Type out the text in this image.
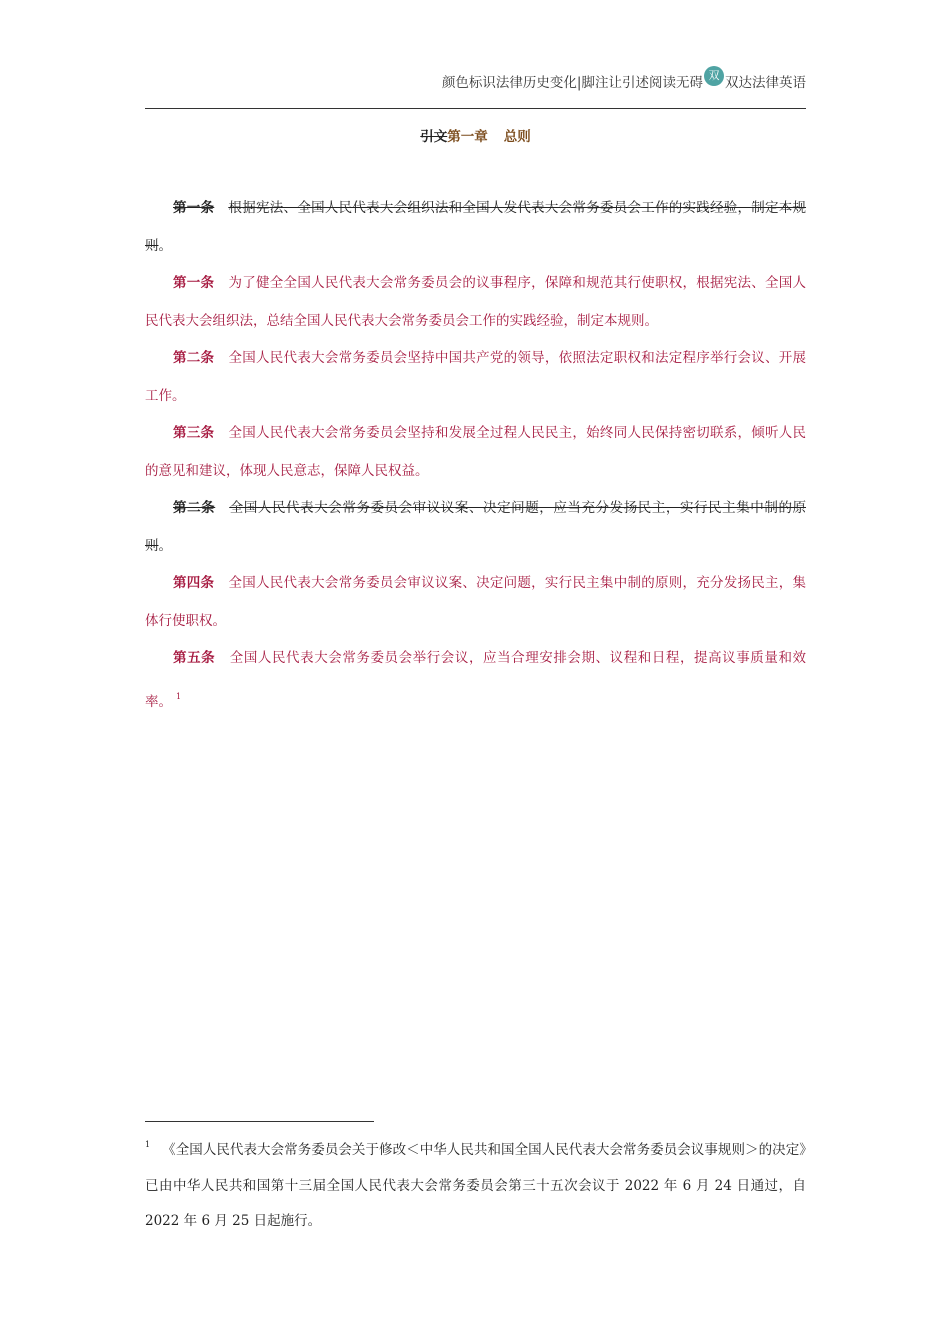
颜色标识法律历史变化|脚注让引述阅读无碍 双 双达法律英语
引文第一章 总则

第一条 根据宪法、全国人民代表大会组织法和全国人发代表大会常务委员会工作的实践经验，制定本规则。

第一条 为了健全全国人民代表大会常务委员会的议事程序，保障和规范其行使职权，根据宪法、全国人民代表大会组织法，总结全国人民代表大会常务委员会工作的实践经验，制定本规则。

第二条 全国人民代表大会常务委员会坚持中国共产党的领导，依照法定职权和法定程序举行会议、开展工作。

第三条 全国人民代表大会常务委员会坚持和发展全过程人民民主，始终同人民保持密切联系，倾听人民的意见和建议，体现人民意志，保障人民权益。

第二条 全国人民代表大会常务委员会审议议案、决定问题，应当充分发扬民主，实行民主集中制的原则。

第四条 全国人民代表大会常务委员会审议议案、决定问题，实行民主集中制的原则，充分发扬民主，集体行使职权。

第五条 全国人民代表大会常务委员会举行会议，应当合理安排会期、议程和日程，提高议事质量和效率。 $^1$

$^1$ 《全国人民代表大会常务委员会关于修改＜中华人民共和国全国人民代表大会常务委员会议事规则＞的决定》已由中华人民共和国第十三届全国人民代表大会常务委员会第三十五次会议于 2022 年 6 月 24 日通过，自 2022 年 6 月 25 日起施行。
